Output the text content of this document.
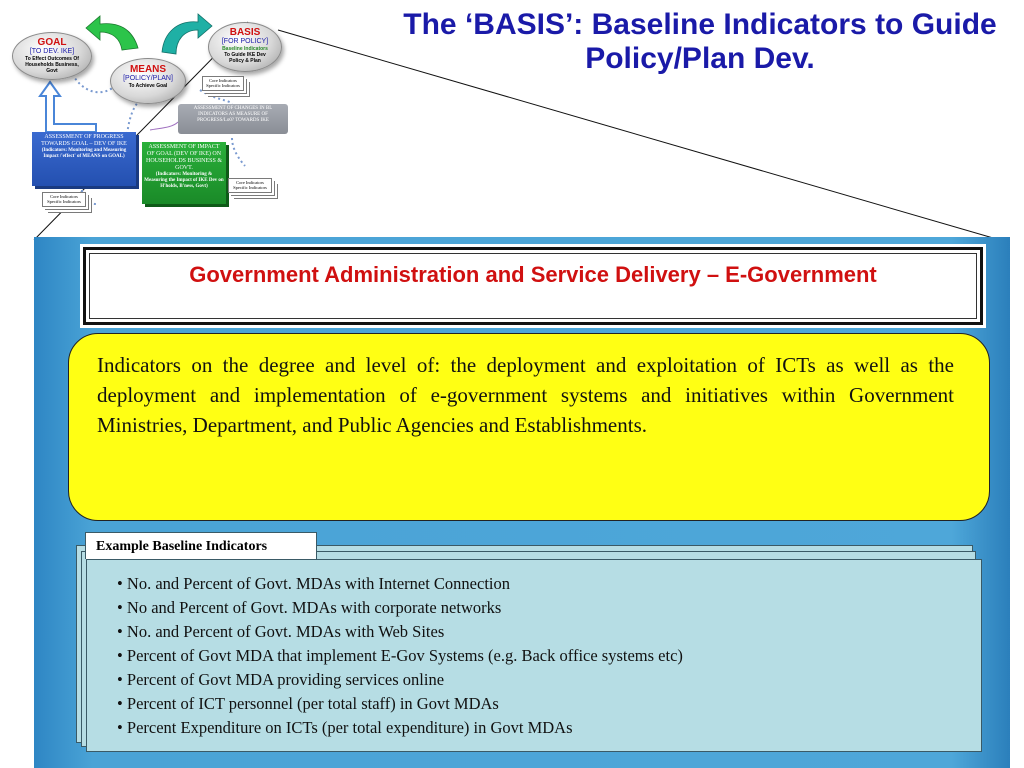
GOAL
[TO DEV. IKE]
To Effect Outcomes Of Households Business, Govt	MEANS
[POLICY/PLAN]
To Achieve Goal
BASIS
[FOR POLICY]
Baseline Indicators
To Guide IKE Dev Policy & Plan
Core Indicators Specific Indicators
ASSESSMENT OF CHANGES IN BL INDICATORS AS MEASURE OF PROGRESS/Lo0? TOWARDS IKE
ASSESSMENT OF PROGRESS TOWARDS GOAL – DEV OF IKE
(Indicators: Monitoring and Measuring Impact /'effect' of MEANS on GOAL)
ASSESSMENT OF IMPACT OF GOAL (DEV OF IKE) ON HOUSEHOLDS BUSINESS & GOVT.
(Indicators: Monitoring & Measuring the Impact of IKE Dev on H'holds, B'ness, Govt)
Core Indicators Specific Indicators
Core Indicators Specific Indicators
The ‘BASIS’: Baseline Indicators to Guide Policy/Plan Dev.
Government Administration and Service Delivery – E-Government
Indicators on the degree and level of: the deployment and exploitation of ICTs as well as the deployment and implementation of e-government systems and initiatives within Government Ministries, Department, and Public Agencies and Establishments.
• No. and Percent of Govt. MDAs with Internet Connection
• No and Percent of Govt. MDAs with corporate networks
• No. and Percent of Govt. MDAs with Web Sites
• Percent of Govt MDA that implement E-Gov Systems (e.g. Back office systems etc)
• Percent of Govt MDA providing services online
• Percent of ICT personnel (per total staff) in Govt MDAs
• Percent Expenditure on ICTs (per total expenditure) in Govt MDAs
Example Baseline Indicators
